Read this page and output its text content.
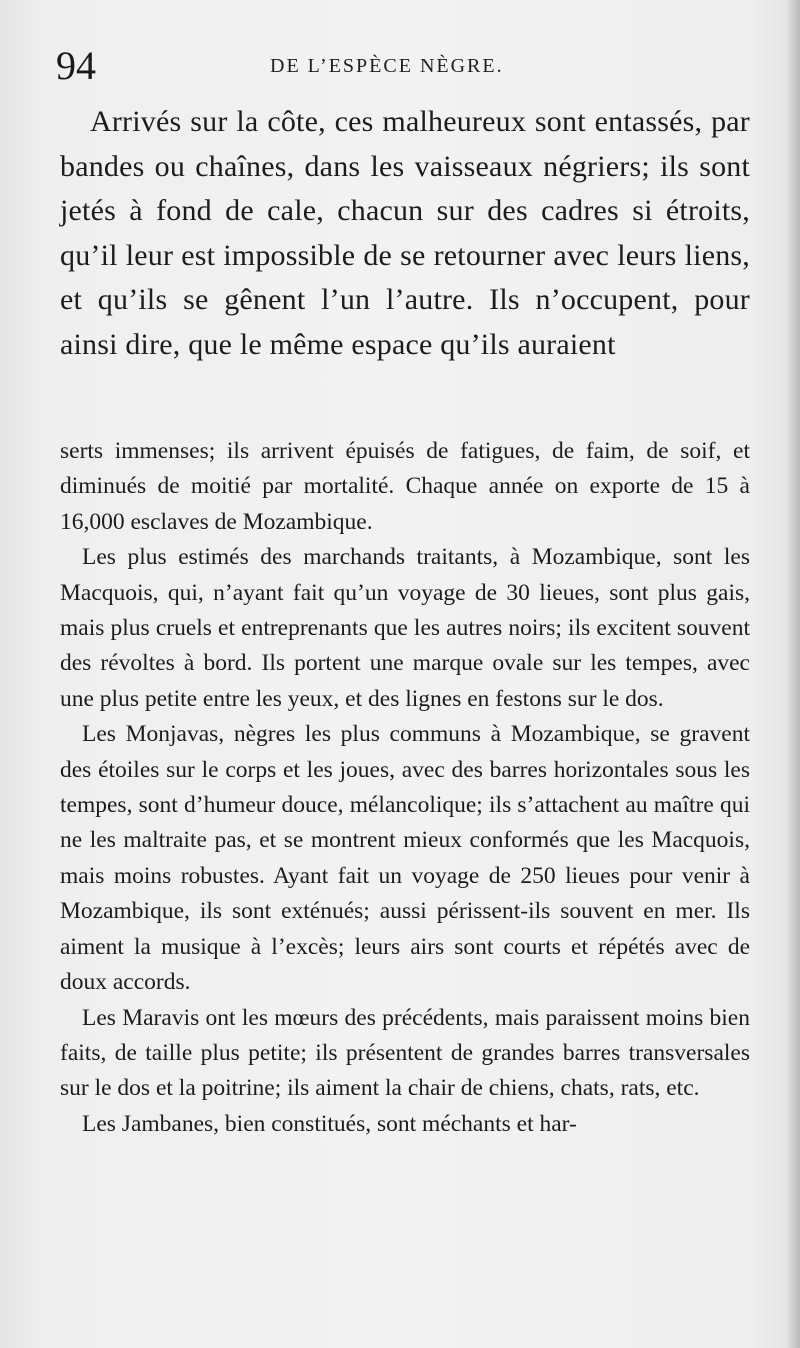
94	DE L’ESPÈCE NÈGRE.

Arrivés sur la côte, ces malheureux sont entassés, par bandes ou chaînes, dans les vaisseaux négriers; ils sont jetés à fond de cale, chacun sur des cadres si étroits, qu’il leur est impossible de se retourner avec leurs liens, et qu’ils se gênent l’un l’autre. Ils n’occupent, pour ainsi dire, que le même espace qu’ils auraient

serts immenses; ils arrivent épuisés de fatigues, de faim, de soif, et diminués de moitié par mortalité. Chaque année on exporte de 15 à 16,000 esclaves de Mozambique.

Les plus estimés des marchands traitants, à Mozambique, sont les Macquois, qui, n’ayant fait qu’un voyage de 30 lieues, sont plus gais, mais plus cruels et entreprenants que les autres noirs; ils excitent souvent des révoltes à bord. Ils portent une marque ovale sur les tempes, avec une plus petite entre les yeux, et des lignes en festons sur le dos.

Les Monjavas, nègres les plus communs à Mozambique, se gravent des étoiles sur le corps et les joues, avec des barres horizontales sous les tempes, sont d’humeur douce, mélancolique; ils s’attachent au maître qui ne les maltraite pas, et se montrent mieux conformés que les Macquois, mais moins robustes. Ayant fait un voyage de 250 lieues pour venir à Mozambique, ils sont exténués; aussi périssent-ils souvent en mer. Ils aiment la musique à l’excès; leurs airs sont courts et répétés avec de doux accords.

Les Maravis ont les mœurs des précédents, mais paraissent moins bien faits, de taille plus petite; ils présentent de grandes barres transversales sur le dos et la poitrine; ils aiment la chair de chiens, chats, rats, etc.

Les Jambanes, bien constitués, sont méchants et har-
